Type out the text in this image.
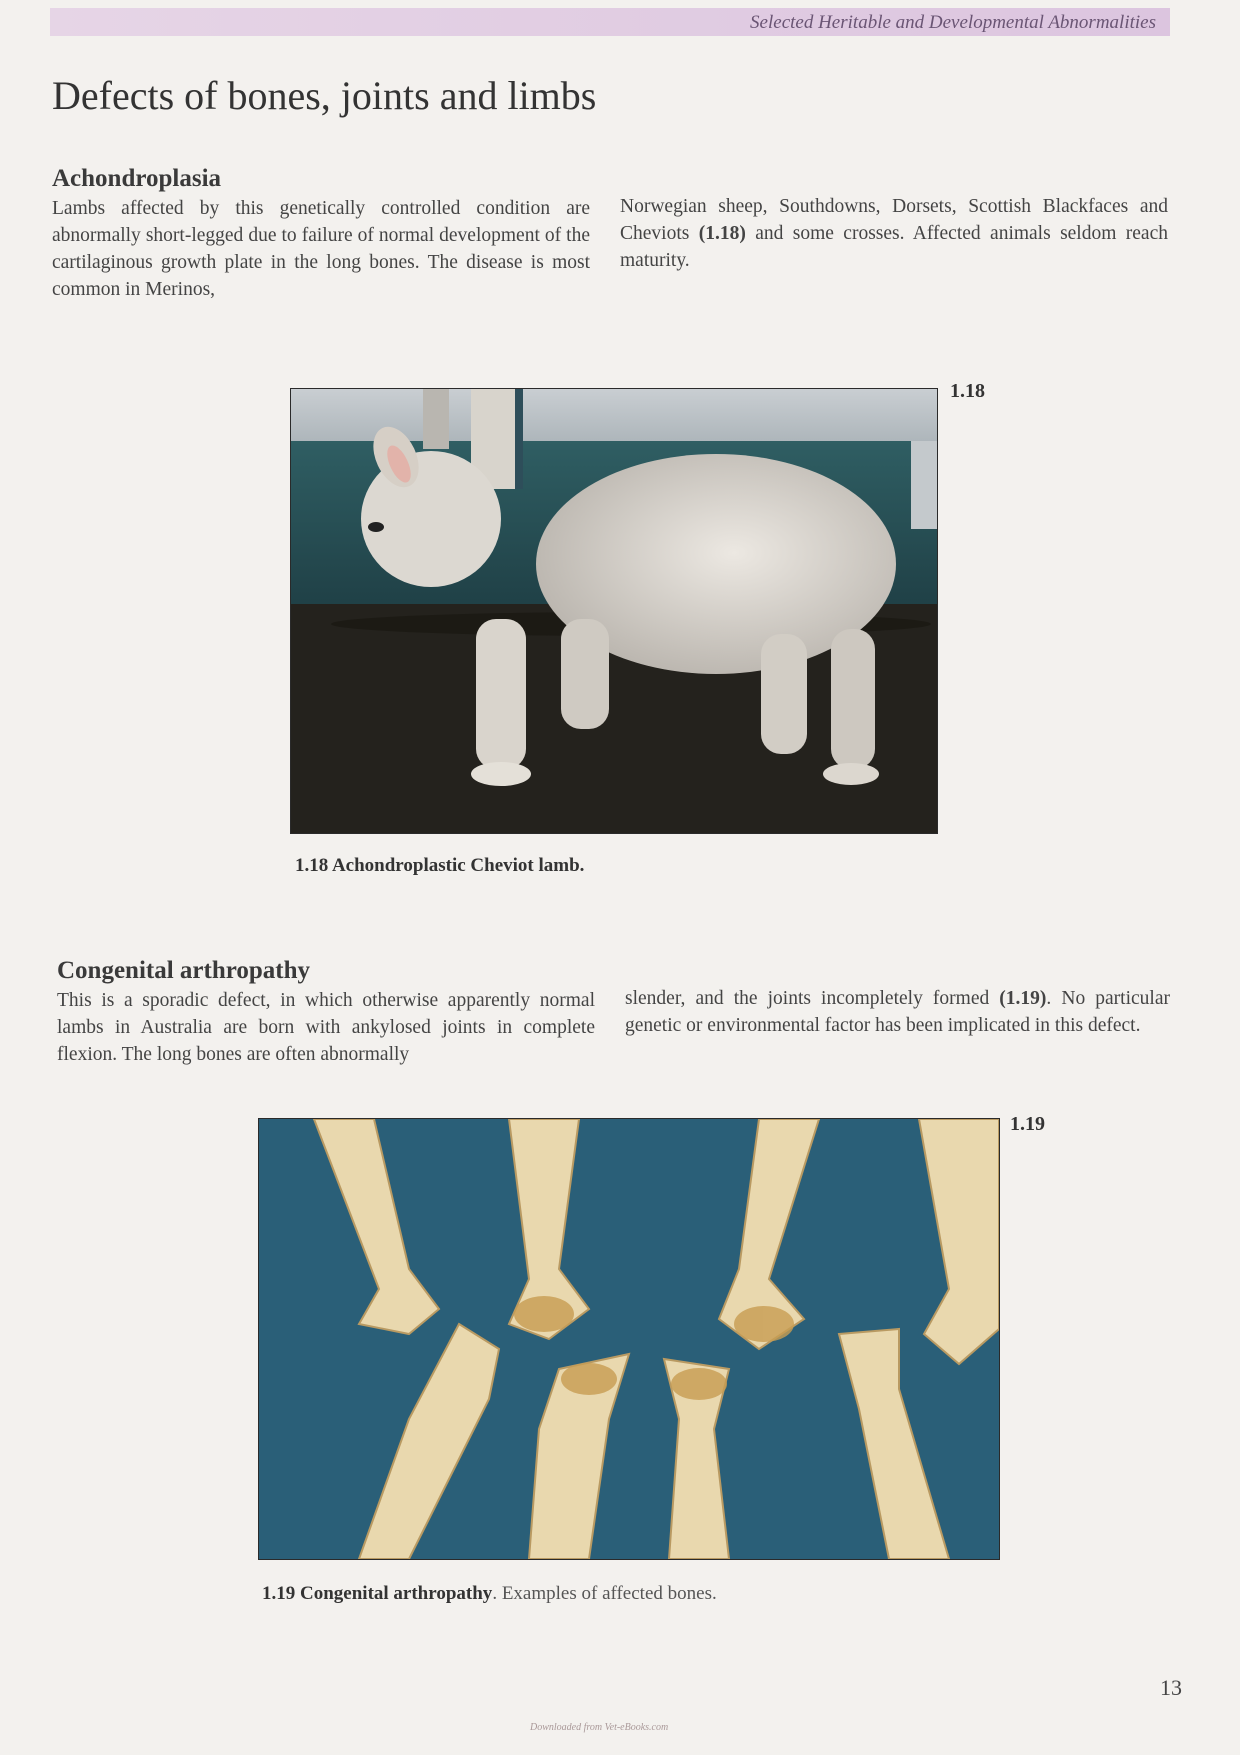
Selected Heritable and Developmental Abnormalities
Defects of bones, joints and limbs
Achondroplasia

Lambs affected by this genetically controlled condition are abnormally short-legged due to failure of normal development of the cartilaginous growth plate in the long bones. The disease is most common in Merinos,

Norwegian sheep, Southdowns, Dorsets, Scottish Blackfaces and Cheviots (1.18) and some crosses. Affected animals seldom reach maturity.

1.18

1.18 Achondroplastic Cheviot lamb.

Congenital arthropathy

This is a sporadic defect, in which otherwise apparently normal lambs in Australia are born with ankylosed joints in complete flexion. The long bones are often abnormally

slender, and the joints incompletely formed (1.19). No particular genetic or environmental factor has been implicated in this defect.

1.19

1.19 Congenital arthropathy. Examples of affected bones.

13
Downloaded from Vet-eBooks.com
